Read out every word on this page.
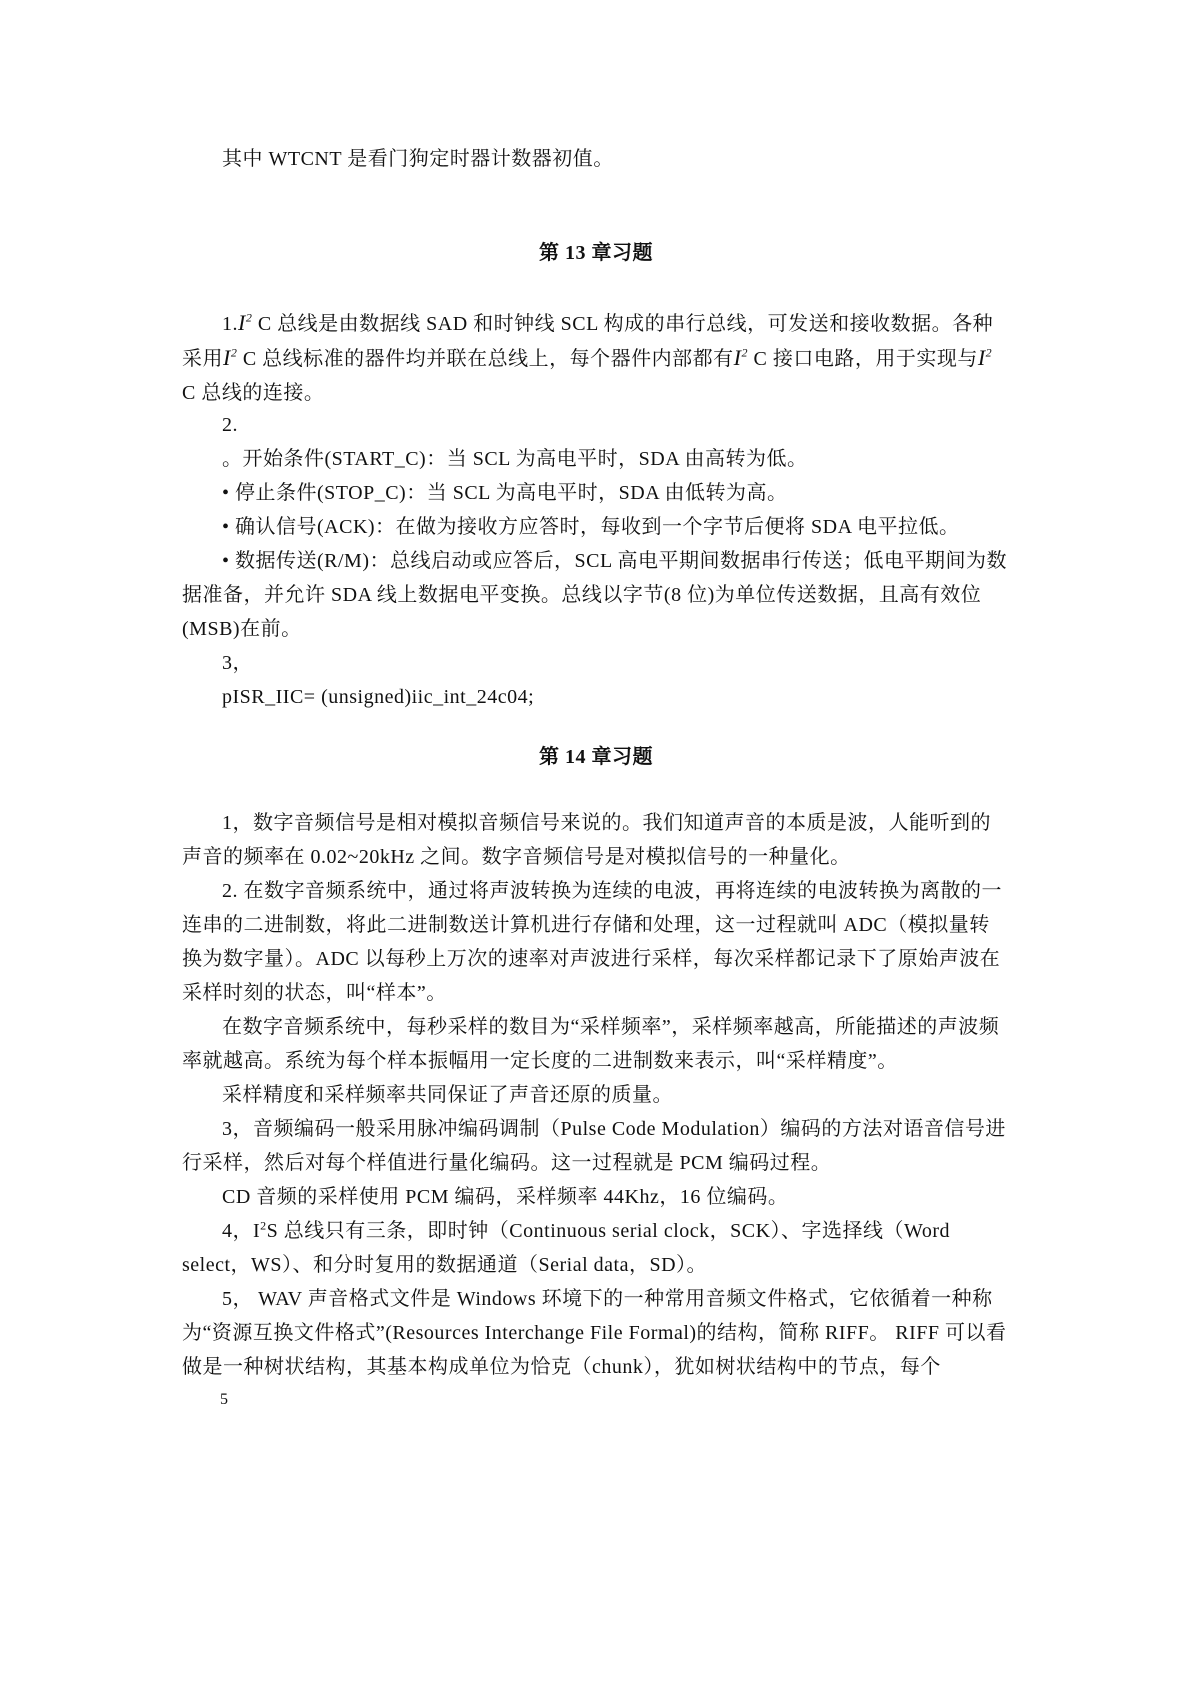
其中 WTCNT 是看门狗定时器计数器初值。
第 13 章习题
$1.I^2$ C 总线是由数据线 SAD 和时钟线 SCL 构成的串行总线，可发送和接收数据。各种采用$I^2$ C 总线标准的器件均并联在总线上，每个器件内部都有$I^2$ C 接口电路，用于实现与$I^2$ C 总线的连接。
2.
。开始条件(START_C)：当 SCL 为高电平时，SDA 由高转为低。
• 停止条件(STOP_C)：当 SCL 为高电平时，SDA 由低转为高。
• 确认信号(ACK)：在做为接收方应答时，每收到一个字节后便将 SDA 电平拉低。
• 数据传送(R/M)：总线启动或应答后，SCL 高电平期间数据串行传送；低电平期间为数据准备，并允许 SDA 线上数据电平变换。总线以字节(8 位)为单位传送数据，且高有效位(MSB)在前。
3，
pISR_IIC= (unsigned)iic_int_24c04;
第 14 章习题
1，数字音频信号是相对模拟音频信号来说的。我们知道声音的本质是波，人能听到的声音的频率在 0.02~20kHz 之间。数字音频信号是对模拟信号的一种量化。
2. 在数字音频系统中，通过将声波转换为连续的电波，再将连续的电波转换为离散的一连串的二进制数，将此二进制数送计算机进行存储和处理，这一过程就叫 ADC（模拟量转换为数字量）。ADC 以每秒上万次的速率对声波进行采样，每次采样都记录下了原始声波在采样时刻的状态，叫“样本”。
在数字音频系统中，每秒采样的数目为“采样频率”，采样频率越高，所能描述的声波频率就越高。系统为每个样本振幅用一定长度的二进制数来表示，叫“采样精度”。
采样精度和采样频率共同保证了声音还原的质量。
3，音频编码一般采用脉冲编码调制（Pulse Code Modulation）编码的方法对语音信号进行采样，然后对每个样值进行量化编码。这一过程就是 PCM 编码过程。
CD 音频的采样使用 PCM 编码，采样频率 44Khz，16 位编码。
4，$I^2S$ 总线只有三条，即时钟（Continuous serial clock，SCK）、字选择线（Word select，WS）、和分时复用的数据通道（Serial data，SD）。
5， WAV 声音格式文件是 Windows 环境下的一种常用音频文件格式，它依循着一种称为“资源互换文件格式”(Resources Interchange File Formal)的结构，简称 RIFF。 RIFF 可以看做是一种树状结构，其基本构成单位为恰克（chunk），犹如树状结构中的节点，每个
5
